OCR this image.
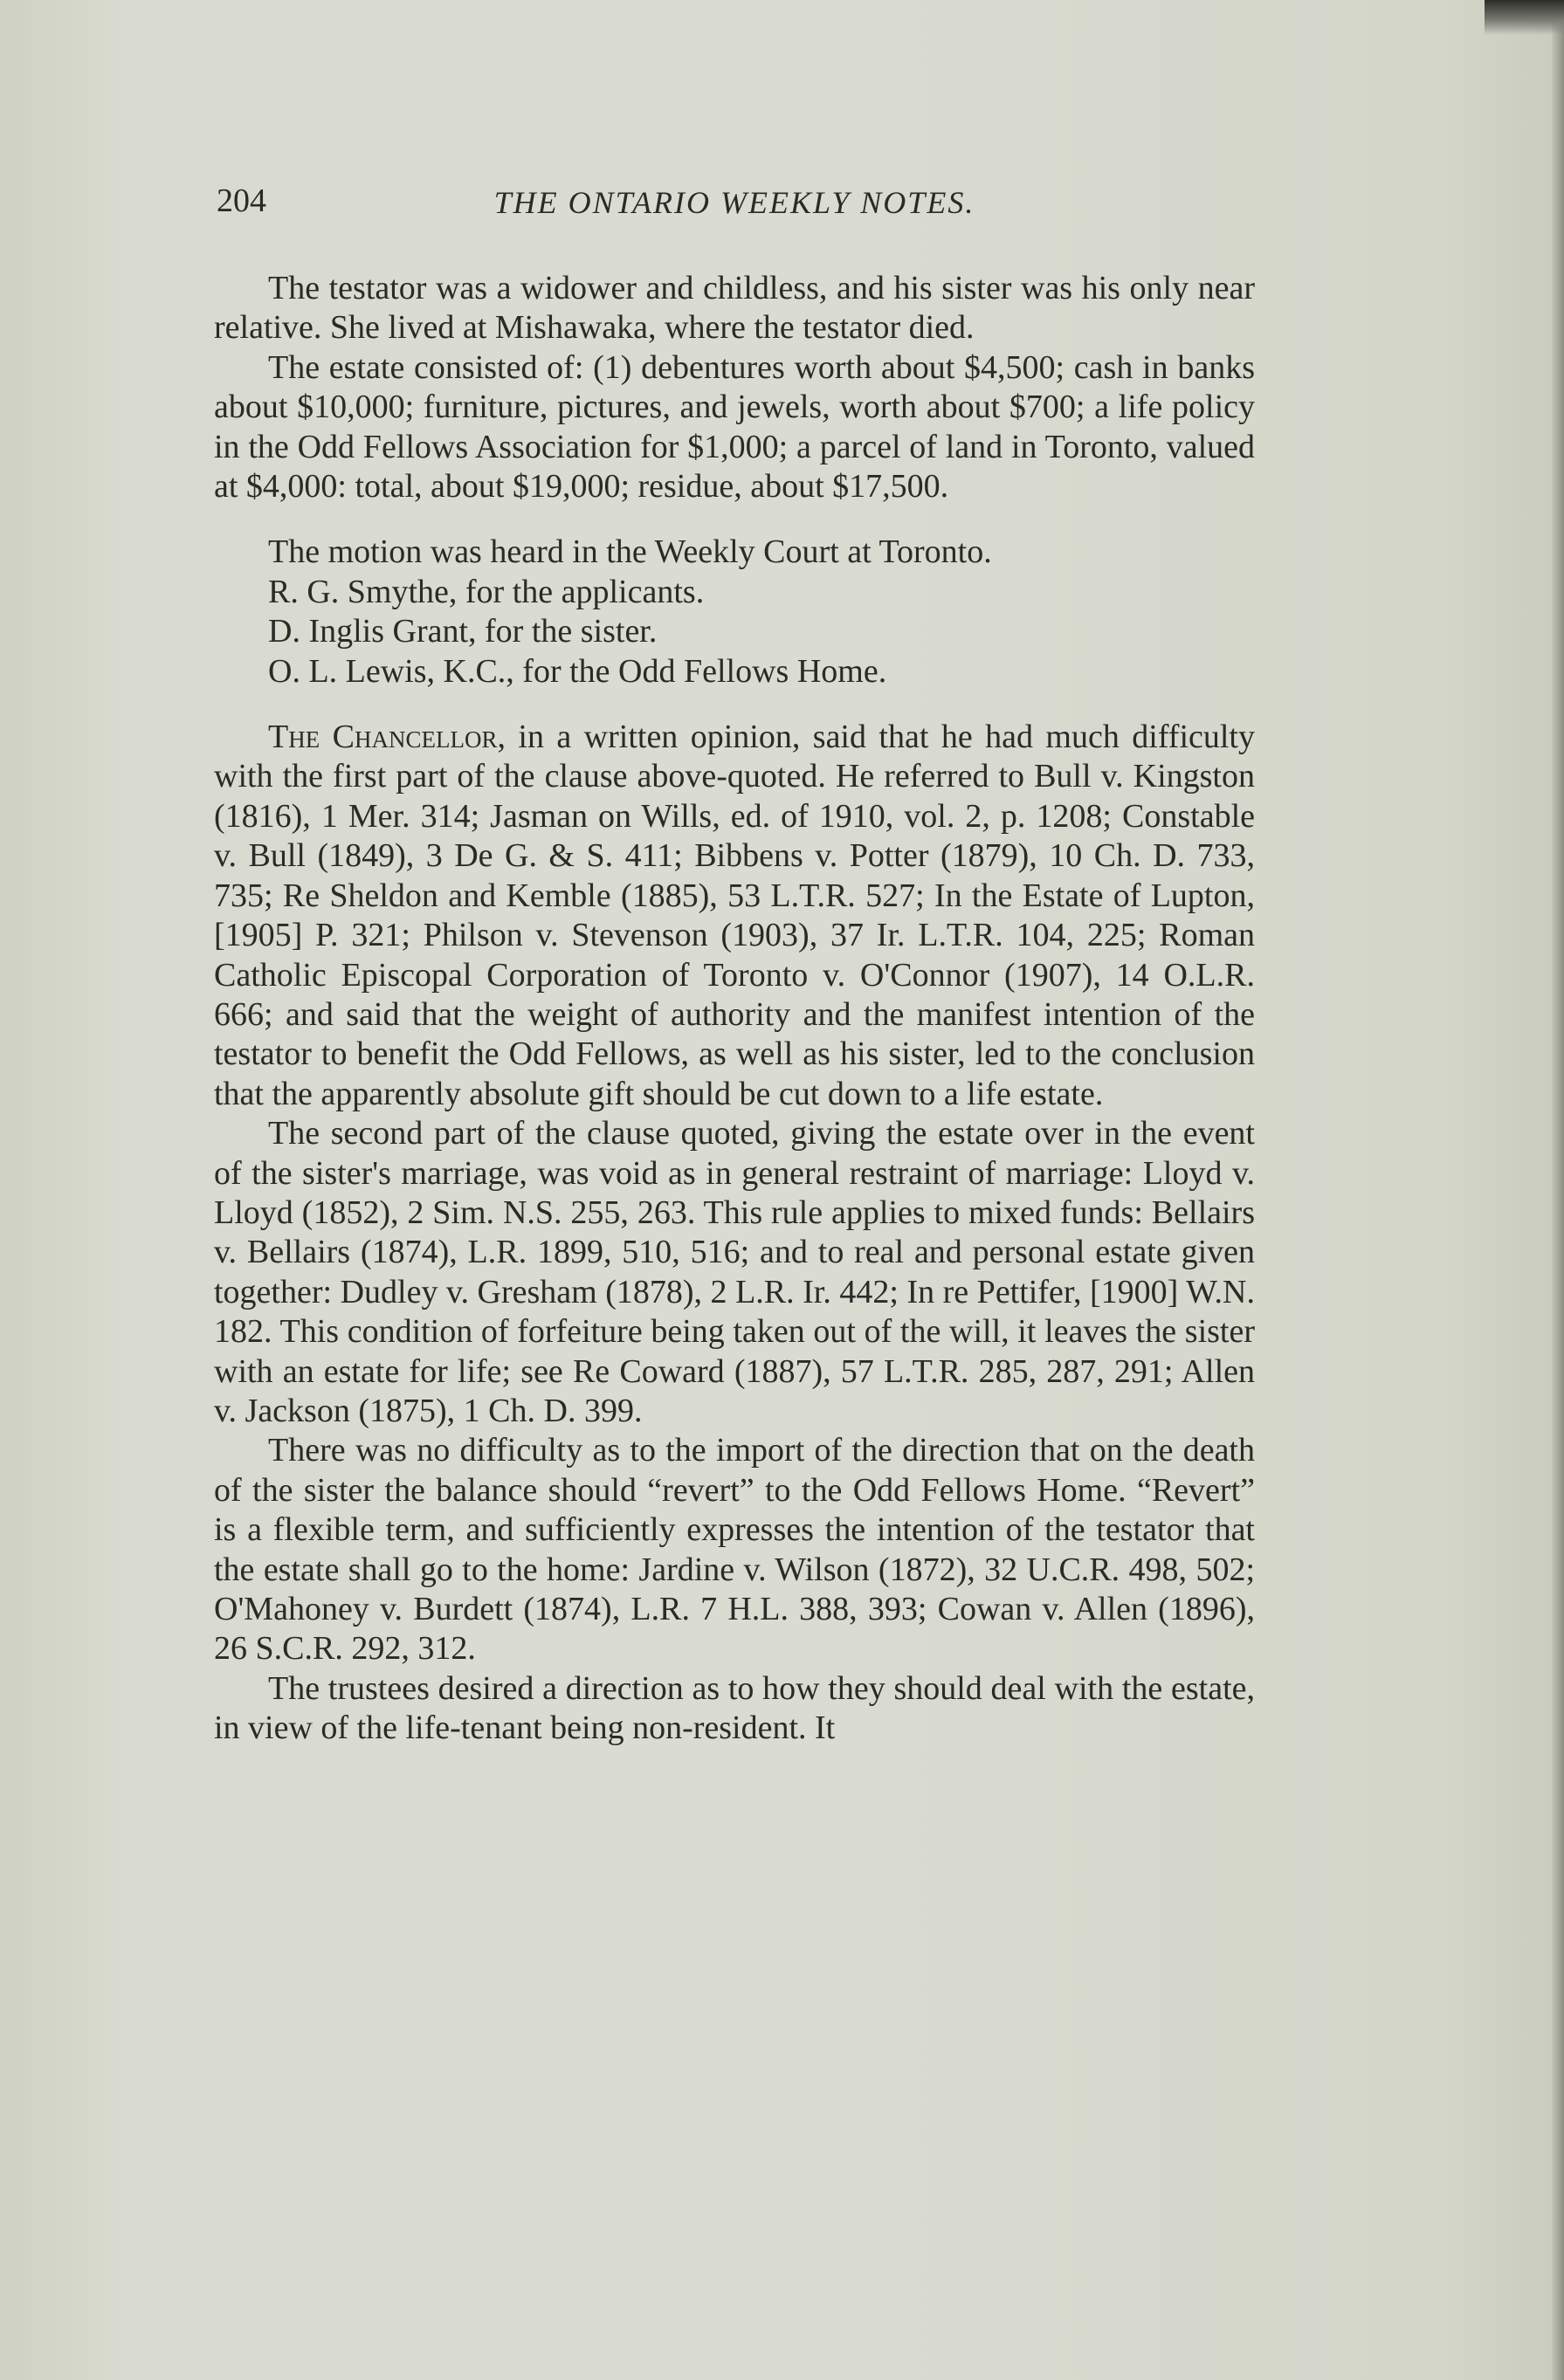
204	THE ONTARIO WEEKLY NOTES.

The testator was a widower and childless, and his sister was his only near relative. She lived at Mishawaka, where the testator died.

The estate consisted of: (1) debentures worth about $4,500; cash in banks about $10,000; furniture, pictures, and jewels, worth about $700; a life policy in the Odd Fellows Association for $1,000; a parcel of land in Toronto, valued at $4,000: total, about $19,000; residue, about $17,500.

The motion was heard in the Weekly Court at Toronto.

R. G. Smythe, for the applicants.

D. Inglis Grant, for the sister.

O. L. Lewis, K.C., for the Odd Fellows Home.

The Chancellor, in a written opinion, said that he had much difficulty with the first part of the clause above-quoted. He referred to Bull v. Kingston (1816), 1 Mer. 314; Jasman on Wills, ed. of 1910, vol. 2, p. 1208; Constable v. Bull (1849), 3 De G. & S. 411; Bibbens v. Potter (1879), 10 Ch. D. 733, 735; Re Sheldon and Kemble (1885), 53 L.T.R. 527; In the Estate of Lupton, [1905] P. 321; Philson v. Stevenson (1903), 37 Ir. L.T.R. 104, 225; Roman Catholic Episcopal Corporation of Toronto v. O'Connor (1907), 14 O.L.R. 666; and said that the weight of authority and the manifest intention of the testator to benefit the Odd Fellows, as well as his sister, led to the conclusion that the apparently absolute gift should be cut down to a life estate.

The second part of the clause quoted, giving the estate over in the event of the sister's marriage, was void as in general restraint of marriage: Lloyd v. Lloyd (1852), 2 Sim. N.S. 255, 263. This rule applies to mixed funds: Bellairs v. Bellairs (1874), L.R. 1899, 510, 516; and to real and personal estate given together: Dudley v. Gresham (1878), 2 L.R. Ir. 442; In re Pettifer, [1900] W.N. 182. This condition of forfeiture being taken out of the will, it leaves the sister with an estate for life; see Re Coward (1887), 57 L.T.R. 285, 287, 291; Allen v. Jackson (1875), 1 Ch. D. 399.

There was no difficulty as to the import of the direction that on the death of the sister the balance should “revert” to the Odd Fellows Home. “Revert” is a flexible term, and sufficiently expresses the intention of the testator that the estate shall go to the home: Jardine v. Wilson (1872), 32 U.C.R. 498, 502; O'Mahoney v. Burdett (1874), L.R. 7 H.L. 388, 393; Cowan v. Allen (1896), 26 S.C.R. 292, 312.

The trustees desired a direction as to how they should deal with the estate, in view of the life-tenant being non-resident. It
